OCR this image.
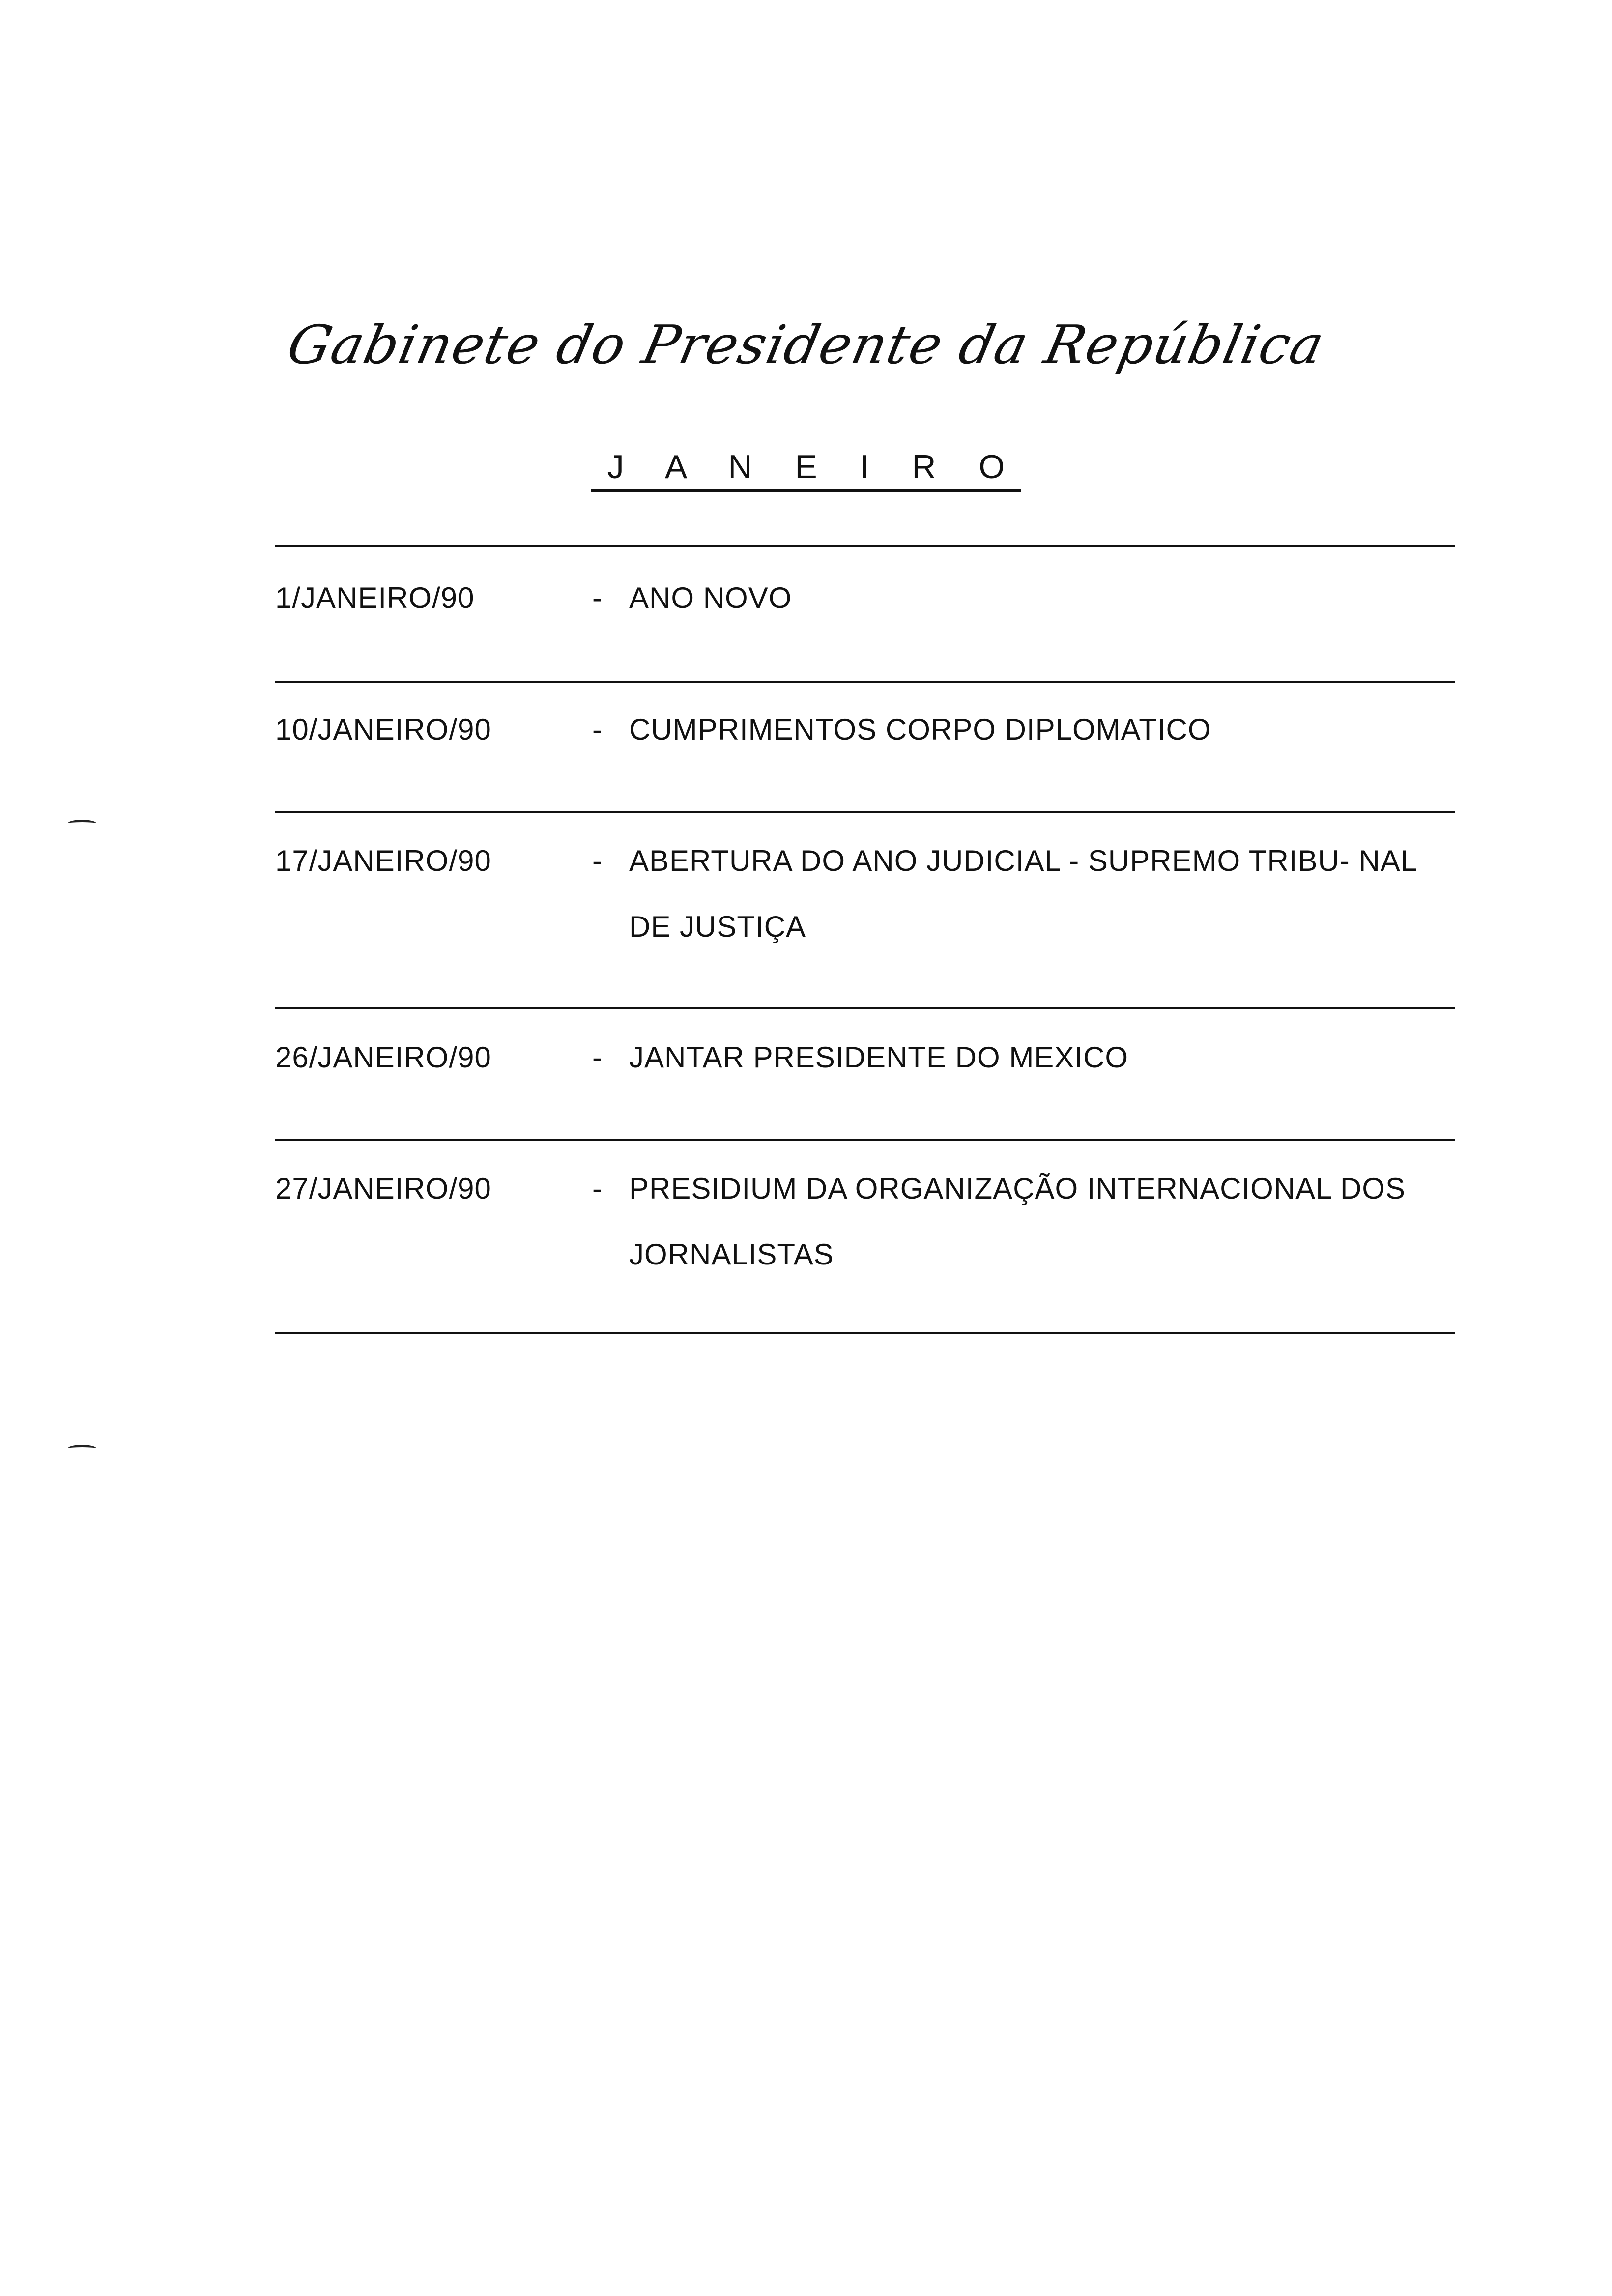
Gabinete do Presidente da República
J A N E I R O
1/JANEIRO/90	- ANO NOVO
10/JANEIRO/90	- CUMPRIMENTOS CORPO DIPLOMATICO
17/JANEIRO/90	- ABERTURA DO ANO JUDICIAL - SUPREMO TRIBU- NAL DE JUSTIÇA
26/JANEIRO/90	- JANTAR PRESIDENTE DO MEXICO
27/JANEIRO/90	- PRESIDIUM DA ORGANIZAÇÃO INTERNACIONAL DOS JORNALISTAS
